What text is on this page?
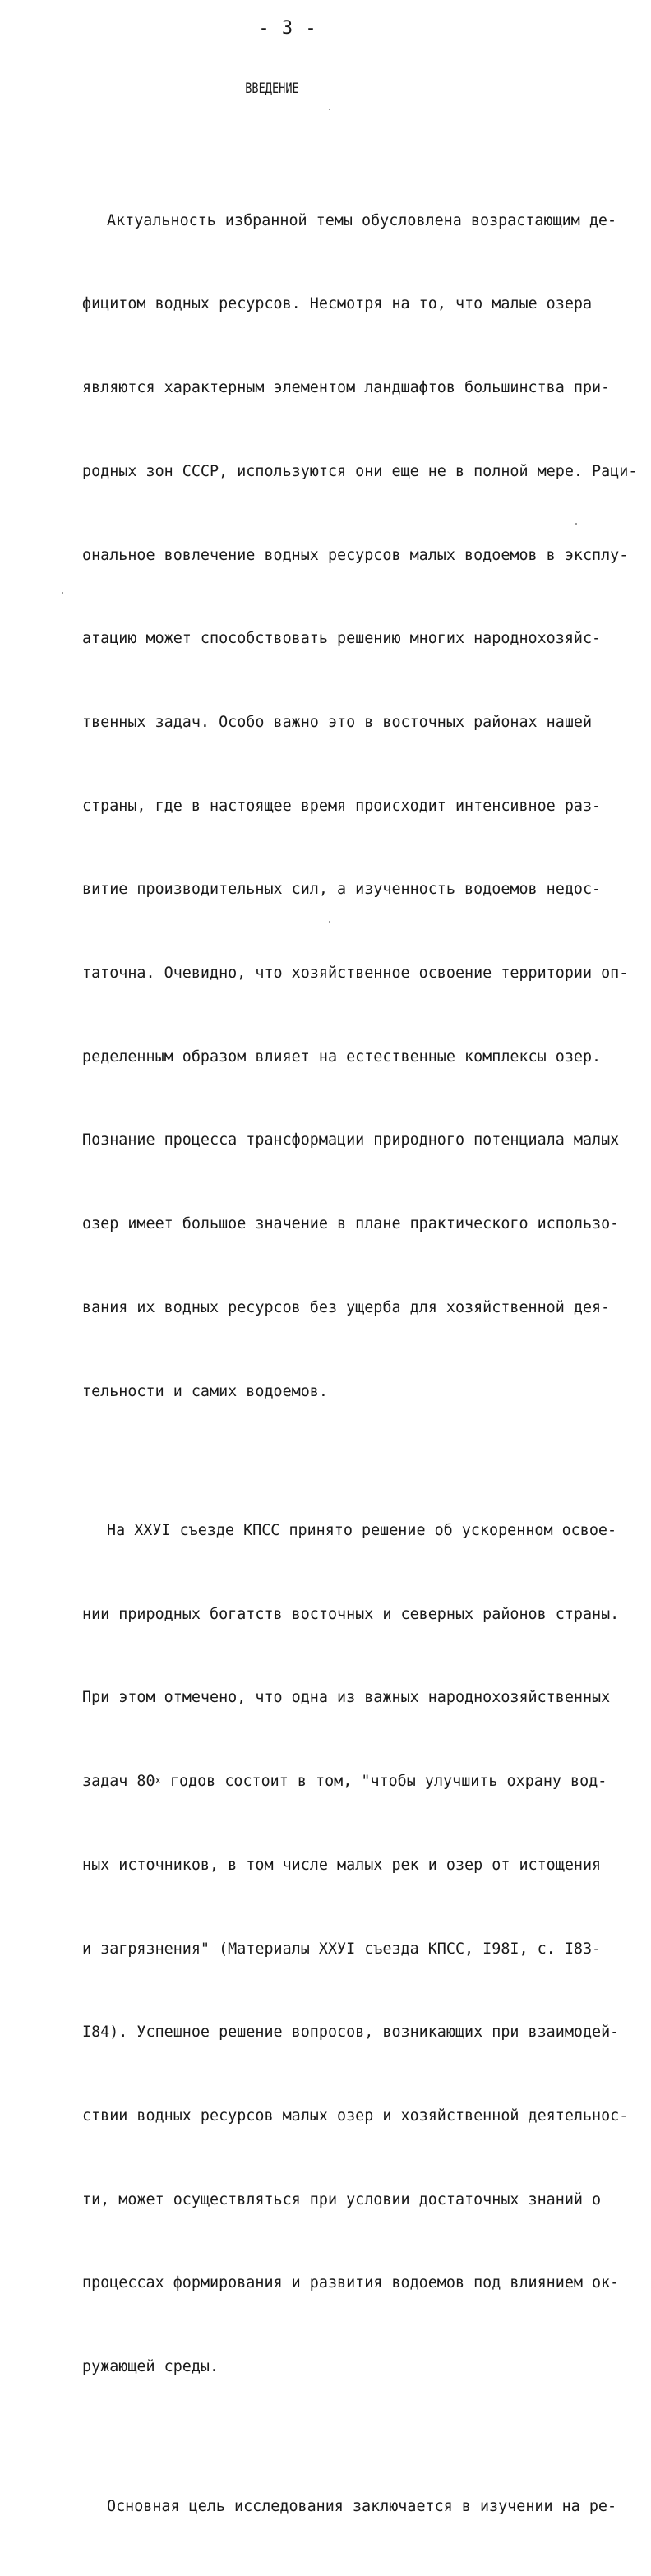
- 3 -
ВВЕДЕНИЕ

Актуальность избранной темы обусловлена возрастающим де-

фицитом водных ресурсов. Несмотря на то, что малые озера

являются характерным элементом ландшафтов большинства при-

родных зон СССР, используются они еще не в полной мере. Раци-

ональное вовлечение водных ресурсов малых водоемов в эксплу-

атацию может способствовать решению многих народнохозяйс-

твенных задач. Особо важно это в восточных районах нашей

страны, где в настоящее время происходит интенсивное раз-

витие производительных сил, а изученность водоемов недос-

таточна. Очевидно, что хозяйственное освоение территории оп-

ределенным образом влияет на естественные комплексы озер.

Познание процесса трансформации природного потенциала малых

озер имеет большое значение в плане практического использо-

вания их водных ресурсов без ущерба для хозяйственной дея-

тельности и самих водоемов.

На XXУI съезде КПСС принято решение об ускоренном освое-

нии природных богатств восточных и северных районов страны.

При этом отмечено, что одна из важных народнохозяйственных

задач $80^х$ годов состоит в том, "чтобы улучшить охрану вод-

ных источников, в том числе малых рек и озер от истощения

и загрязнения" (Материалы XXУI съезда КПСС, I98I, с. I83-

I84). Успешное решение вопросов, возникающих при взаимодей-

ствии водных ресурсов малых озер и хозяйственной деятельнос-

ти, может осуществляться при условии достаточных знаний о

процессах формирования и развития водоемов под влиянием ок-

ружающей среды.

Основная цель исследования заключается в изучении на ре-
